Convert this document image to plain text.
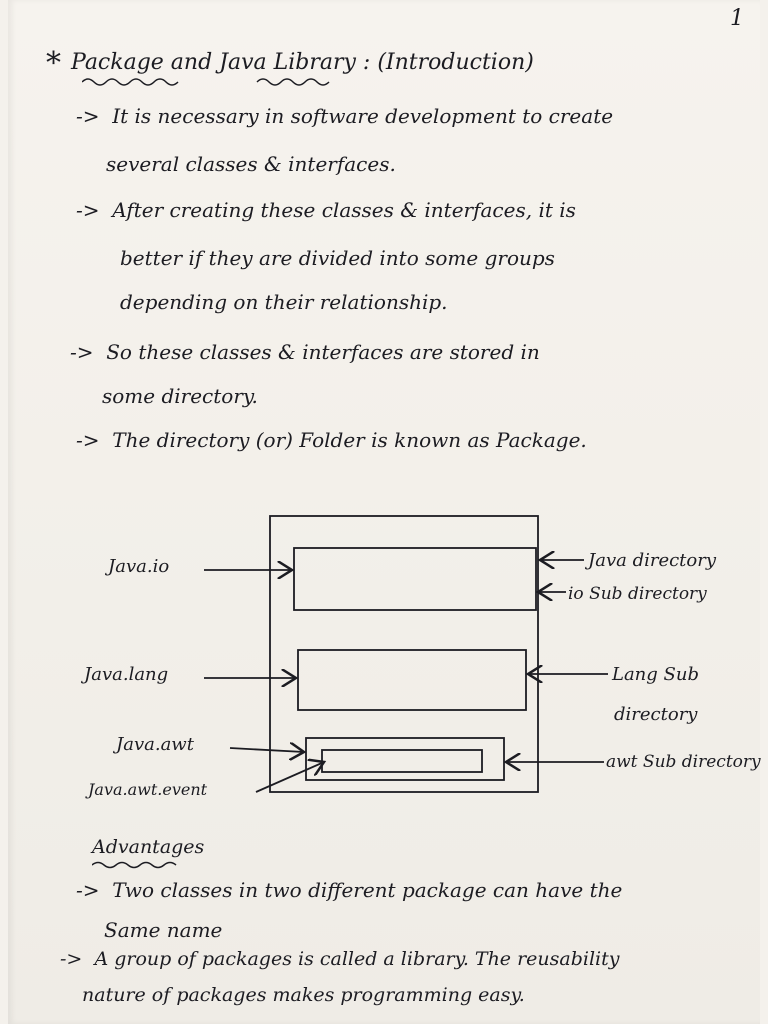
1
* Package and Java Library : (Introduction)
-> It is necessary in software development to create
several classes & interfaces.
-> After creating these classes & interfaces, it is
better if they are divided into some groups
depending on their relationship.
-> So these classes & interfaces are stored in
some directory.
-> The directory (or) Folder is known as Package.
Java.io
Java.lang
Java.awt
Java.awt.event
Java directory
io Sub directory
Lang Sub
directory
awt Sub directory
Advantages
-> Two classes in two different package can have the
Same name
-> A group of packages is called a library. The reusability
nature of packages makes programming easy.
